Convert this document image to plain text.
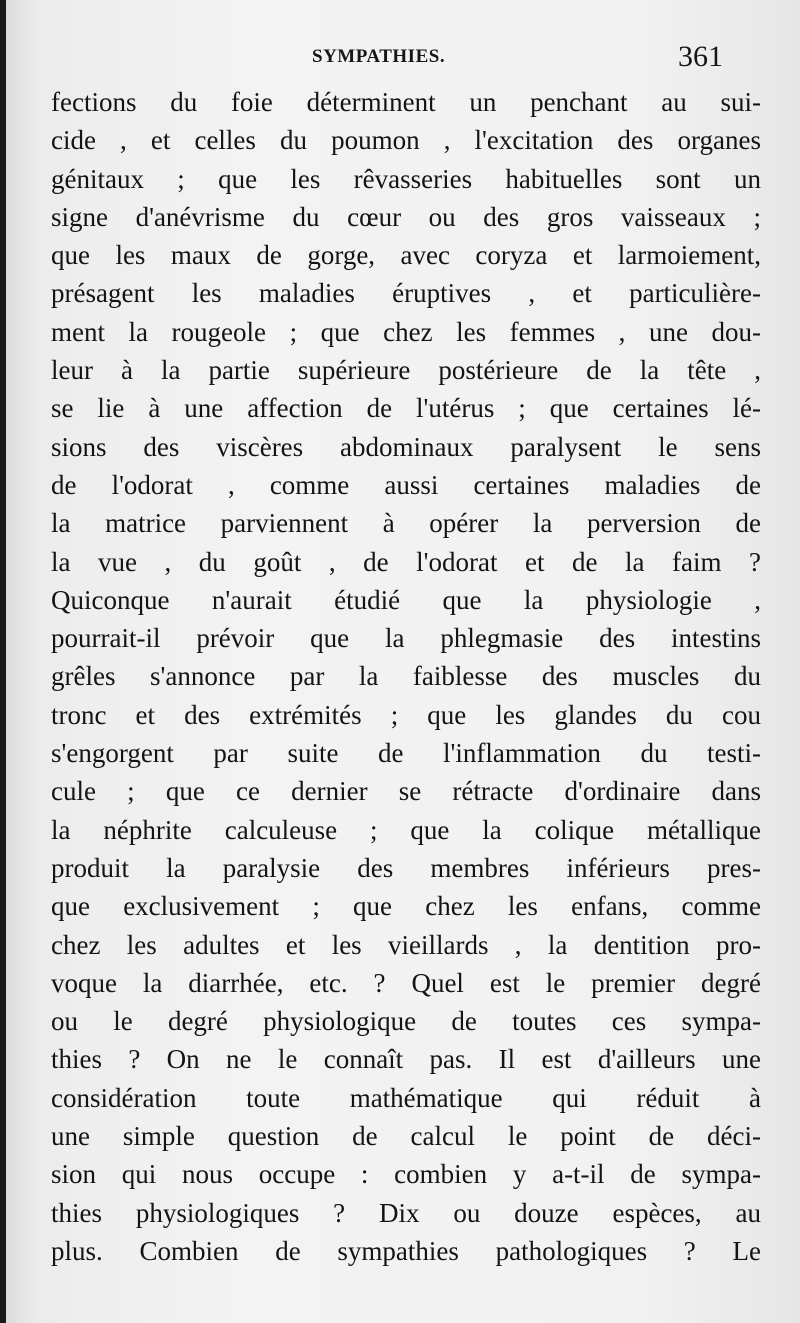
SYMPATHIES.	361
fections du foie déterminent un penchant au sui-
cide , et celles du poumon , l'excitation des organes
génitaux ; que les rêvasseries habituelles sont un
signe d'anévrisme du cœur ou des gros vaisseaux ;
que les maux de gorge, avec coryza et larmoiement,
présagent les maladies éruptives , et particulière-
ment la rougeole ; que chez les femmes , une dou-
leur à la partie supérieure postérieure de la tête ,
se lie à une affection de l'utérus ; que certaines lé-
sions des viscères abdominaux paralysent le sens
de l'odorat , comme aussi certaines maladies de
la matrice parviennent à opérer la perversion de
la vue , du goût , de l'odorat et de la faim ?
Quiconque n'aurait étudié que la physiologie ,
pourrait-il prévoir que la phlegmasie des intestins
grêles s'annonce par la faiblesse des muscles du
tronc et des extrémités ; que les glandes du cou
s'engorgent par suite de l'inflammation du testi-
cule ; que ce dernier se rétracte d'ordinaire dans
la néphrite calculeuse ; que la colique métallique
produit la paralysie des membres inférieurs pres-
que exclusivement ; que chez les enfans, comme
chez les adultes et les vieillards , la dentition pro-
voque la diarrhée, etc. ? Quel est le premier degré
ou le degré physiologique de toutes ces sympa-
thies ? On ne le connaît pas. Il est d'ailleurs une
considération toute mathématique qui réduit à
une simple question de calcul le point de déci-
sion qui nous occupe : combien y a-t-il de sympa-
thies physiologiques ? Dix ou douze espèces, au
plus. Combien de sympathies pathologiques ? Le
